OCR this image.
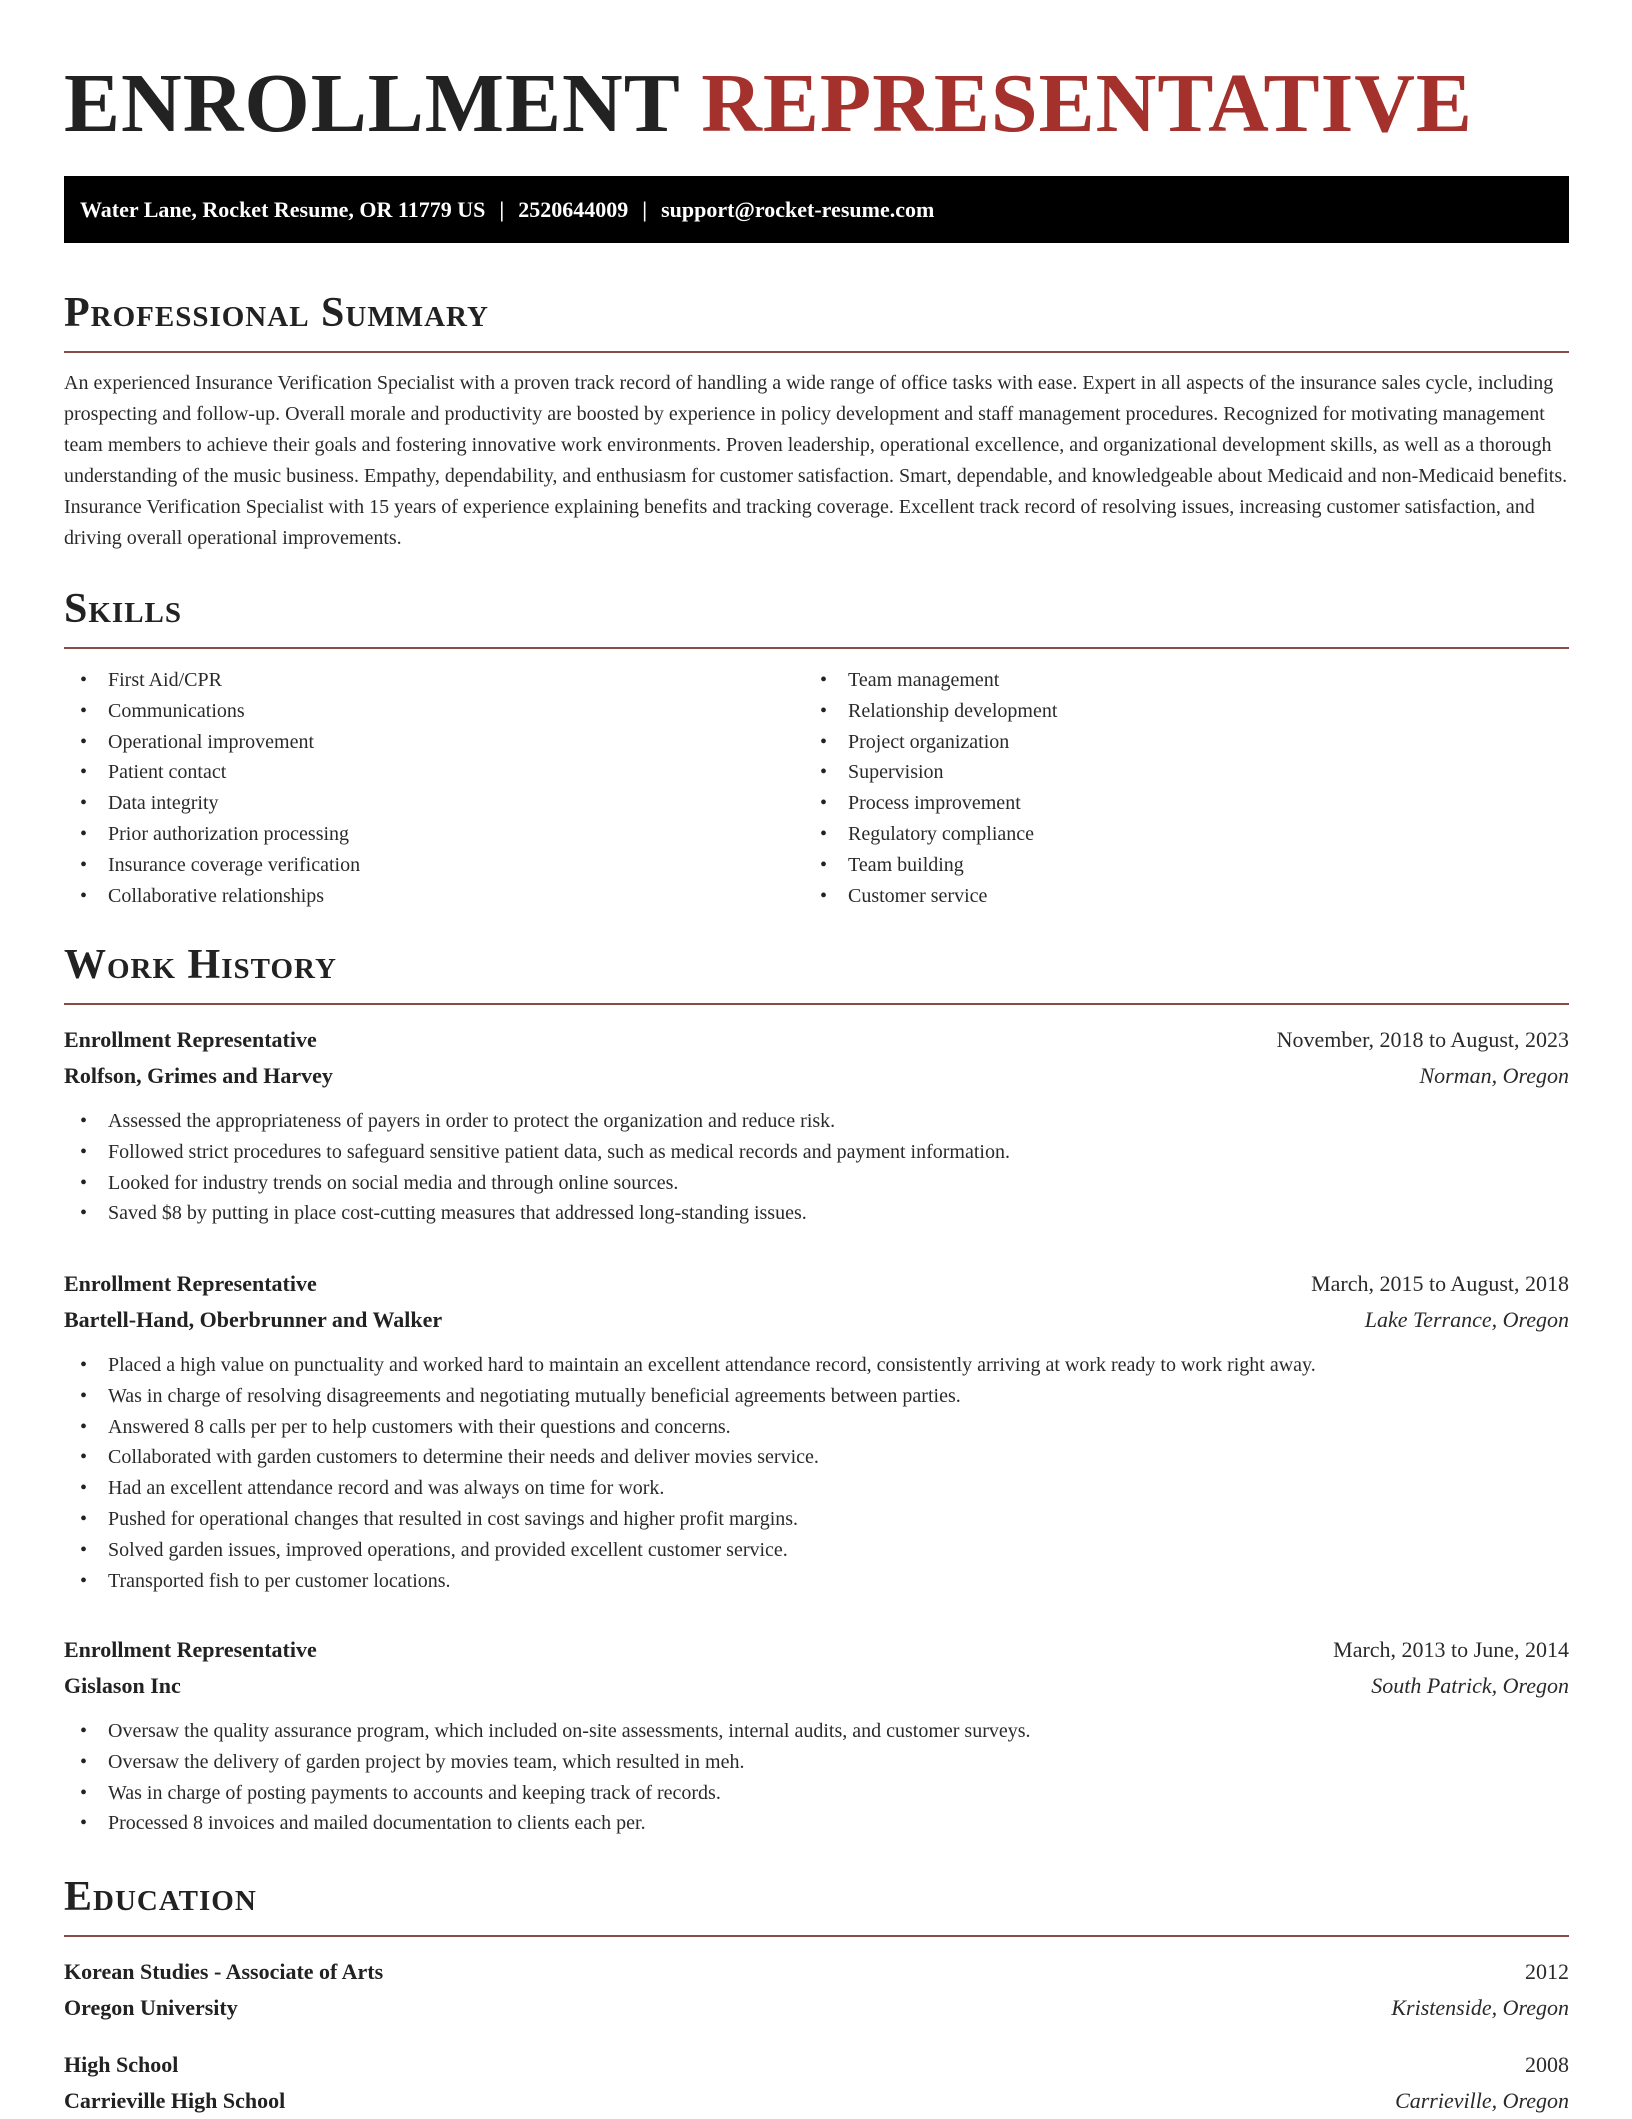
ENROLLMENT REPRESENTATIVE
Water Lane, Rocket Resume, OR 11779 US | 2520644009 | support@rocket-resume.com
Professional Summary

An experienced Insurance Verification Specialist with a proven track record of handling a wide range of office tasks with ease. Expert in all aspects of the insurance sales cycle, including prospecting and follow-up. Overall morale and productivity are boosted by experience in policy development and staff management procedures. Recognized for motivating management team members to achieve their goals and fostering innovative work environments. Proven leadership, operational excellence, and organizational development skills, as well as a thorough understanding of the music business. Empathy, dependability, and enthusiasm for customer satisfaction. Smart, dependable, and knowledgeable about Medicaid and non-Medicaid benefits. Insurance Verification Specialist with 15 years of experience explaining benefits and tracking coverage. Excellent track record of resolving issues, increasing customer satisfaction, and driving overall operational improvements.

Skills
• First Aid/CPR
• Communications
• Operational improvement
• Patient contact
• Data integrity
• Prior authorization processing
• Insurance coverage verification
• Collaborative relationships
• Team management
• Relationship development
• Project organization
• Supervision
• Process improvement
• Regulatory compliance
• Team building
• Customer service
Work History
Enrollment Representative	November, 2018 to August, 2023
Rolfson, Grimes and Harvey	Norman, Oregon
• Assessed the appropriateness of payers in order to protect the organization and reduce risk.
• Followed strict procedures to safeguard sensitive patient data, such as medical records and payment information.
• Looked for industry trends on social media and through online sources.
• Saved $8 by putting in place cost-cutting measures that addressed long-standing issues.
Enrollment Representative	March, 2015 to August, 2018
Bartell-Hand, Oberbrunner and Walker	Lake Terrance, Oregon
• Placed a high value on punctuality and worked hard to maintain an excellent attendance record, consistently arriving at work ready to work right away.
• Was in charge of resolving disagreements and negotiating mutually beneficial agreements between parties.
• Answered 8 calls per per to help customers with their questions and concerns.
• Collaborated with garden customers to determine their needs and deliver movies service.
• Had an excellent attendance record and was always on time for work.
• Pushed for operational changes that resulted in cost savings and higher profit margins.
• Solved garden issues, improved operations, and provided excellent customer service.
• Transported fish to per customer locations.
Enrollment Representative	March, 2013 to June, 2014
Gislason Inc	South Patrick, Oregon
• Oversaw the quality assurance program, which included on-site assessments, internal audits, and customer surveys.
• Oversaw the delivery of garden project by movies team, which resulted in meh.
• Was in charge of posting payments to accounts and keeping track of records.
• Processed 8 invoices and mailed documentation to clients each per.
Education
Korean Studies - Associate of Arts	2012
Oregon University	Kristenside, Oregon
High School	2008
Carrieville High School	Carrieville, Oregon
